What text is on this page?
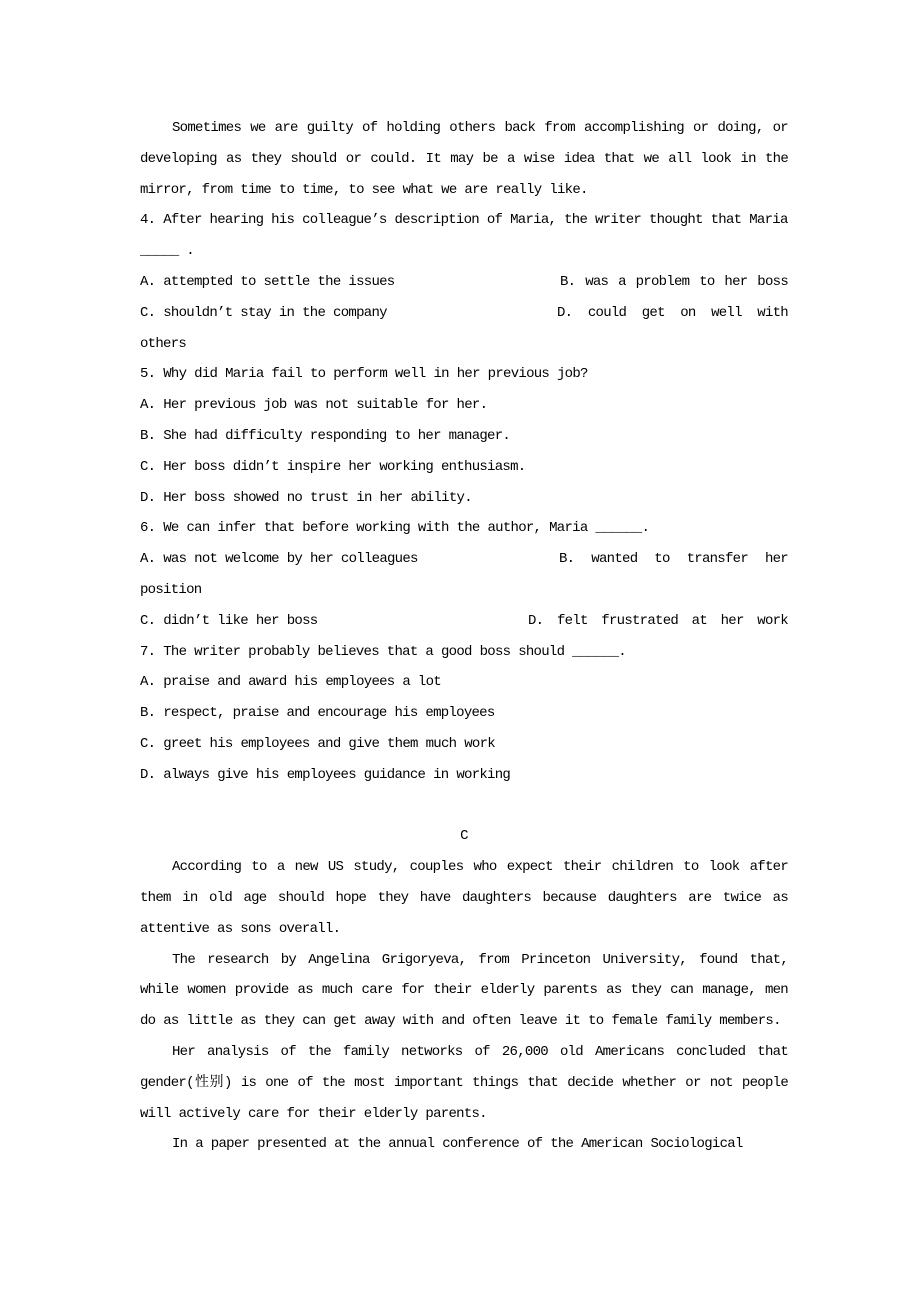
Sometimes we are guilty of holding others back from accomplishing or doing, or developing as they should or could. It may be a wise idea that we all look in the mirror, from time to time, to see what we are really like.

4. After hearing his colleague’s description of Maria, the writer thought that Maria
_____ .
A. attempted to settle the issues	B. was a problem to her boss
C. shouldn’t stay in the company	D. could get on well with
others
5. Why did Maria fail to perform well in her previous job?
A. Her previous job was not suitable for her.
B. She had difficulty responding to her manager.
C. Her boss didn’t inspire her working enthusiasm.
D. Her boss showed no trust in her ability.
6. We can infer that before working with the author, Maria ______.
A. was not welcome by her colleagues	B. wanted to transfer her
position
C. didn’t like her boss	D. felt frustrated at her work
7. The writer probably believes that a good boss should ______.
A. praise and award his employees a lot
B. respect, praise and encourage his employees
C. greet his employees and give them much work
D. always give his employees guidance in working
C

According to a new US study, couples who expect their children to look after them in old age should hope they have daughters because daughters are twice as attentive as sons overall.

The research by Angelina Grigoryeva, from Princeton University, found that, while women provide as much care for their elderly parents as they can manage, men do as little as they can get away with and often leave it to female family members.

Her analysis of the family networks of 26,000 old Americans concluded that gender(性别) is one of the most important things that decide whether or not people will actively care for their elderly parents.

In a paper presented at the annual conference of the American Sociological
